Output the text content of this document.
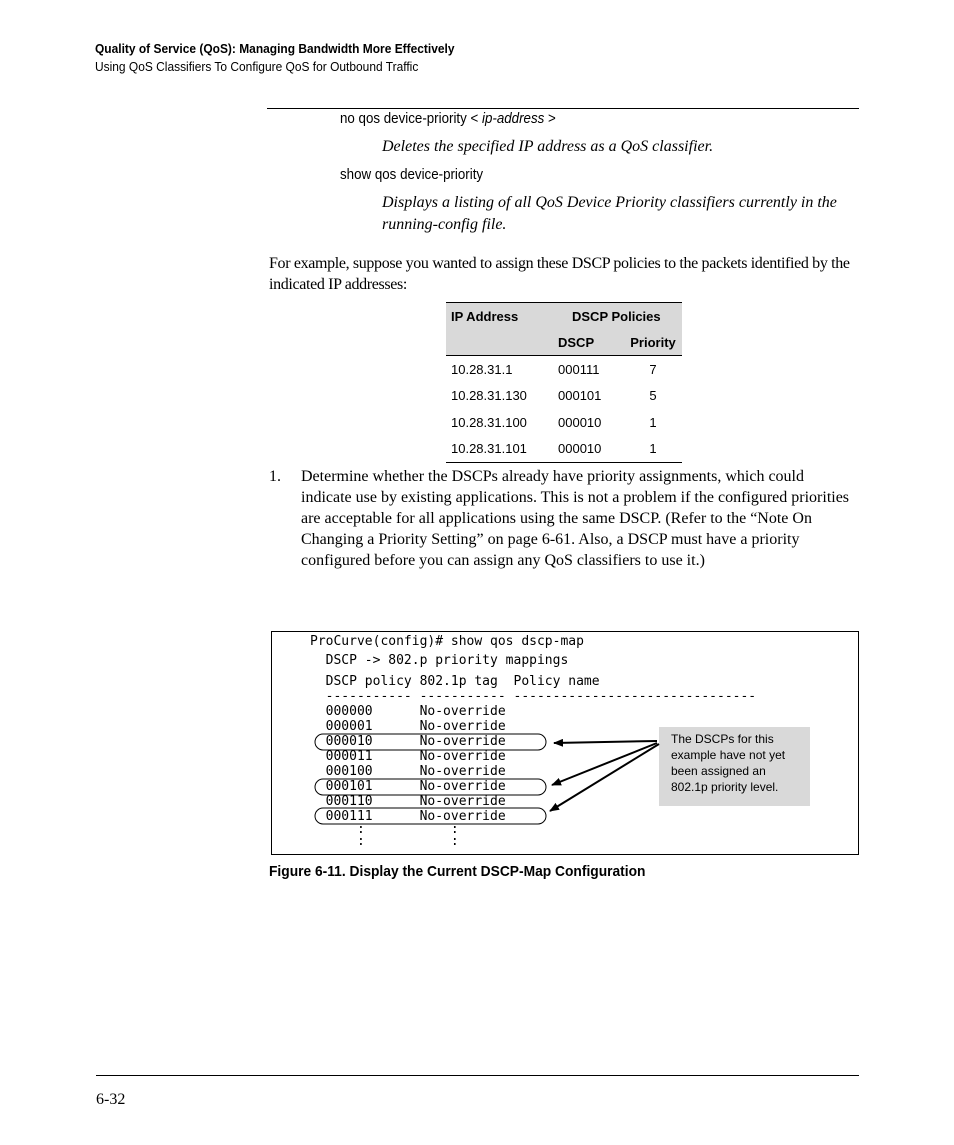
Quality of Service (QoS): Managing Bandwidth More Effectively
Using QoS Classifiers To Configure QoS for Outbound Traffic
no qos device-priority < ip-address >
Deletes the specified IP address as a QoS classifier.
show qos device-priority
Displays a listing of all QoS Device Priority classifiers currently in the running-config file.
For example, suppose you wanted to assign these DSCP policies to the packets identified by the indicated IP addresses:
IP Address	DSCP Policies	
	DSCP	Priority
10.28.31.1	000111	7
10.28.31.130	000101	5
10.28.31.100	000010	1
10.28.31.101	000010	1
1. Determine whether the DSCPs already have priority assignments, which could indicate use by existing applications. This is not a problem if the configured priorities are acceptable for all applications using the same DSCP. (Refer to the “Note On Changing a Priority Setting” on page 6-61. Also, a DSCP must have a priority configured before you can assign any QoS classifiers to use it.)
ProCurve(config)# show qos dscp-map
DSCP -> 802.p priority mappings
DSCP policy 802.1p tag  Policy name
----------- ----------- -------------------------------
000000      No-override
000001      No-override
000010      No-override
000011      No-override
000100      No-override
000101      No-override
000110      No-override
000111      No-override
:           :
:           :
The DSCPs for this example have not yet been assigned an 802.1p priority level.
Figure 6-11. Display the Current DSCP-Map Configuration
6-32
